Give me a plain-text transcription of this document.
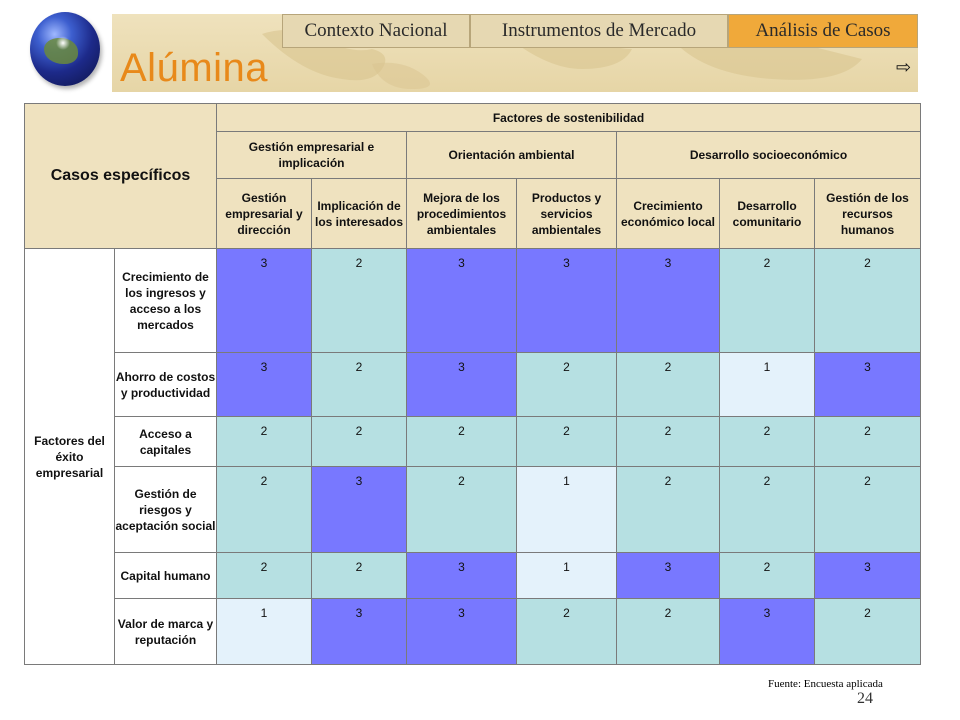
Alúmina
Contexto Nacional	Instrumentos de Mercado	Análisis de Casos
⇨
Casos específicos		Factores de sostenibilidad						
		Gestión empresarial e implicación		Orientación ambiental		Desarrollo socioeconómico		
		Gestión empresarial y dirección	Implicación de los interesados	Mejora de los procedimientos ambientales	Productos y servicios ambientales	Crecimiento económico local	Desarrollo comunitario	Gestión de los recursos humanos
Factores del éxito empresarial	Crecimiento de los ingresos y acceso a los mercados	3	2	3	3	3	2	2
	Ahorro de costos y productividad	3	2	3	2	2	1	3
	Acceso a capitales	2	2	2	2	2	2	2
	Gestión de riesgos y aceptación social	2	3	2	1	2	2	2
	Capital humano	2	2	3	1	3	2	3
	Valor de marca y reputación	1	3	3	2	2	3	2
Fuente: Encuesta aplicada
24
